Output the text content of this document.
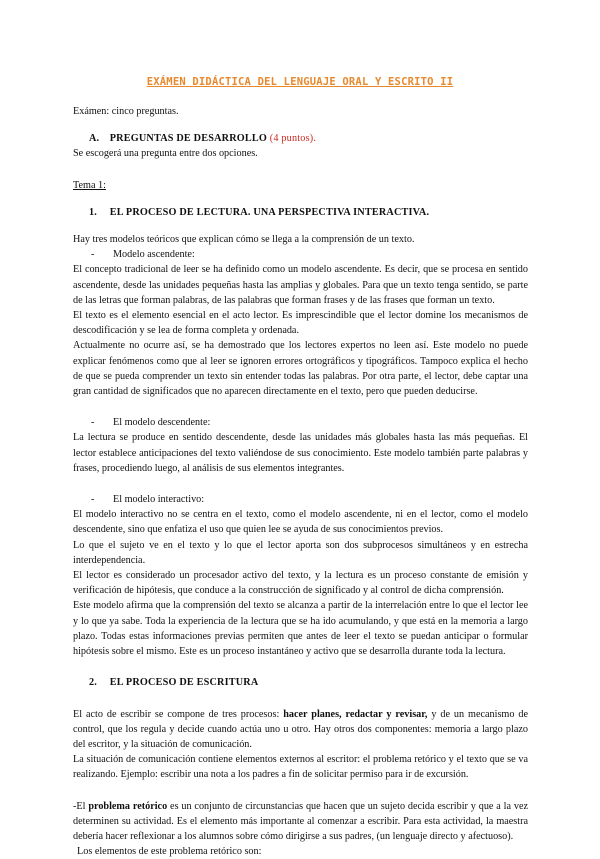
EXÁMEN DIDÁCTICA DEL LENGUAJE ORAL Y ESCRITO II

Exámen: cinco preguntas.

A. PREGUNTAS DE DESARROLLO (4 puntos).

Se escogerá una pregunta entre dos opciones.

Tema 1:

1. EL PROCESO DE LECTURA. UNA PERSPECTIVA INTERACTIVA.

Hay tres modelos teóricos que explican cómo se llega a la comprensión de un texto.

- Modelo ascendente:

El concepto tradicional de leer se ha definido como un modelo ascendente. Es decir, que se procesa en sentido ascendente, desde las unidades pequeñas hasta las amplias y globales. Para que un texto tenga sentido, se parte de las letras que forman palabras, de las palabras que forman frases y de las frases que forman un texto.

El texto es el elemento esencial en el acto lector. Es imprescindible que el lector domine los mecanismos de descodificación y se lea de forma completa y ordenada.

Actualmente no ocurre así, se ha demostrado que los lectores expertos no leen así. Este modelo no puede explicar fenómenos como que al leer se ignoren errores ortográficos y tipográficos. Tampoco explica el hecho de que se pueda comprender un texto sin entender todas las palabras. Por otra parte, el lector, debe captar una gran cantidad de significados que no aparecen directamente en el texto, pero que pueden deducirse.

- El modelo descendente:

La lectura se produce en sentido descendente, desde las unidades más globales hasta las más pequeñas. El lector establece anticipaciones del texto valiéndose de sus conocimiento. Este modelo también parte palabras y frases, procediendo luego, al análisis de sus elementos integrantes.

- El modelo interactivo:

El modelo interactivo no se centra en el texto, como el modelo ascendente, ni en el lector, como el modelo descendente, sino que enfatiza el uso que quien lee se ayuda de sus conocimientos previos.

Lo que el sujeto ve en el texto y lo que el lector aporta son dos subprocesos simultáneos y en estrecha interdependencia.

El lector es considerado un procesador activo del texto, y la lectura es un proceso constante de emisión y verificación de hipótesis, que conduce a la construcción de significado y al control de dicha comprensión.

Este modelo afirma que la comprensión del texto se alcanza a partir de la interrelación entre lo que el lector lee y lo que ya sabe. Toda la experiencia de la lectura que se ha ido acumulando, y que está en la memoria a largo plazo. Todas estas informaciones previas permiten que antes de leer el texto se puedan anticipar o formular hipótesis sobre el mismo. Este es un proceso instantáneo y activo que se desarrolla durante toda la lectura.

2. EL PROCESO DE ESCRITURA

El acto de escribir se compone de tres procesos: hacer planes, redactar y revisar, y de un mecanismo de control, que los regula y decide cuando actúa uno u otro. Hay otros dos componentes: memoria a largo plazo del escritor, y la situación de comunicación.

La situación de comunicación contiene elementos externos al escritor: el problema retórico y el texto que se va realizando. Ejemplo: escribir una nota a los padres a fin de solicitar permiso para ir de excursión.

-El problema retórico es un conjunto de circunstancias que hacen que un sujeto decida escribir y que a la vez determinen su actividad. Es el elemento más importante al comenzar a escribir. Para esta actividad, la maestra debería hacer reflexionar a los alumnos sobre cómo dirigirse a sus padres, (un lenguaje directo y afectuoso).

Los elementos de este problema retórico son:
